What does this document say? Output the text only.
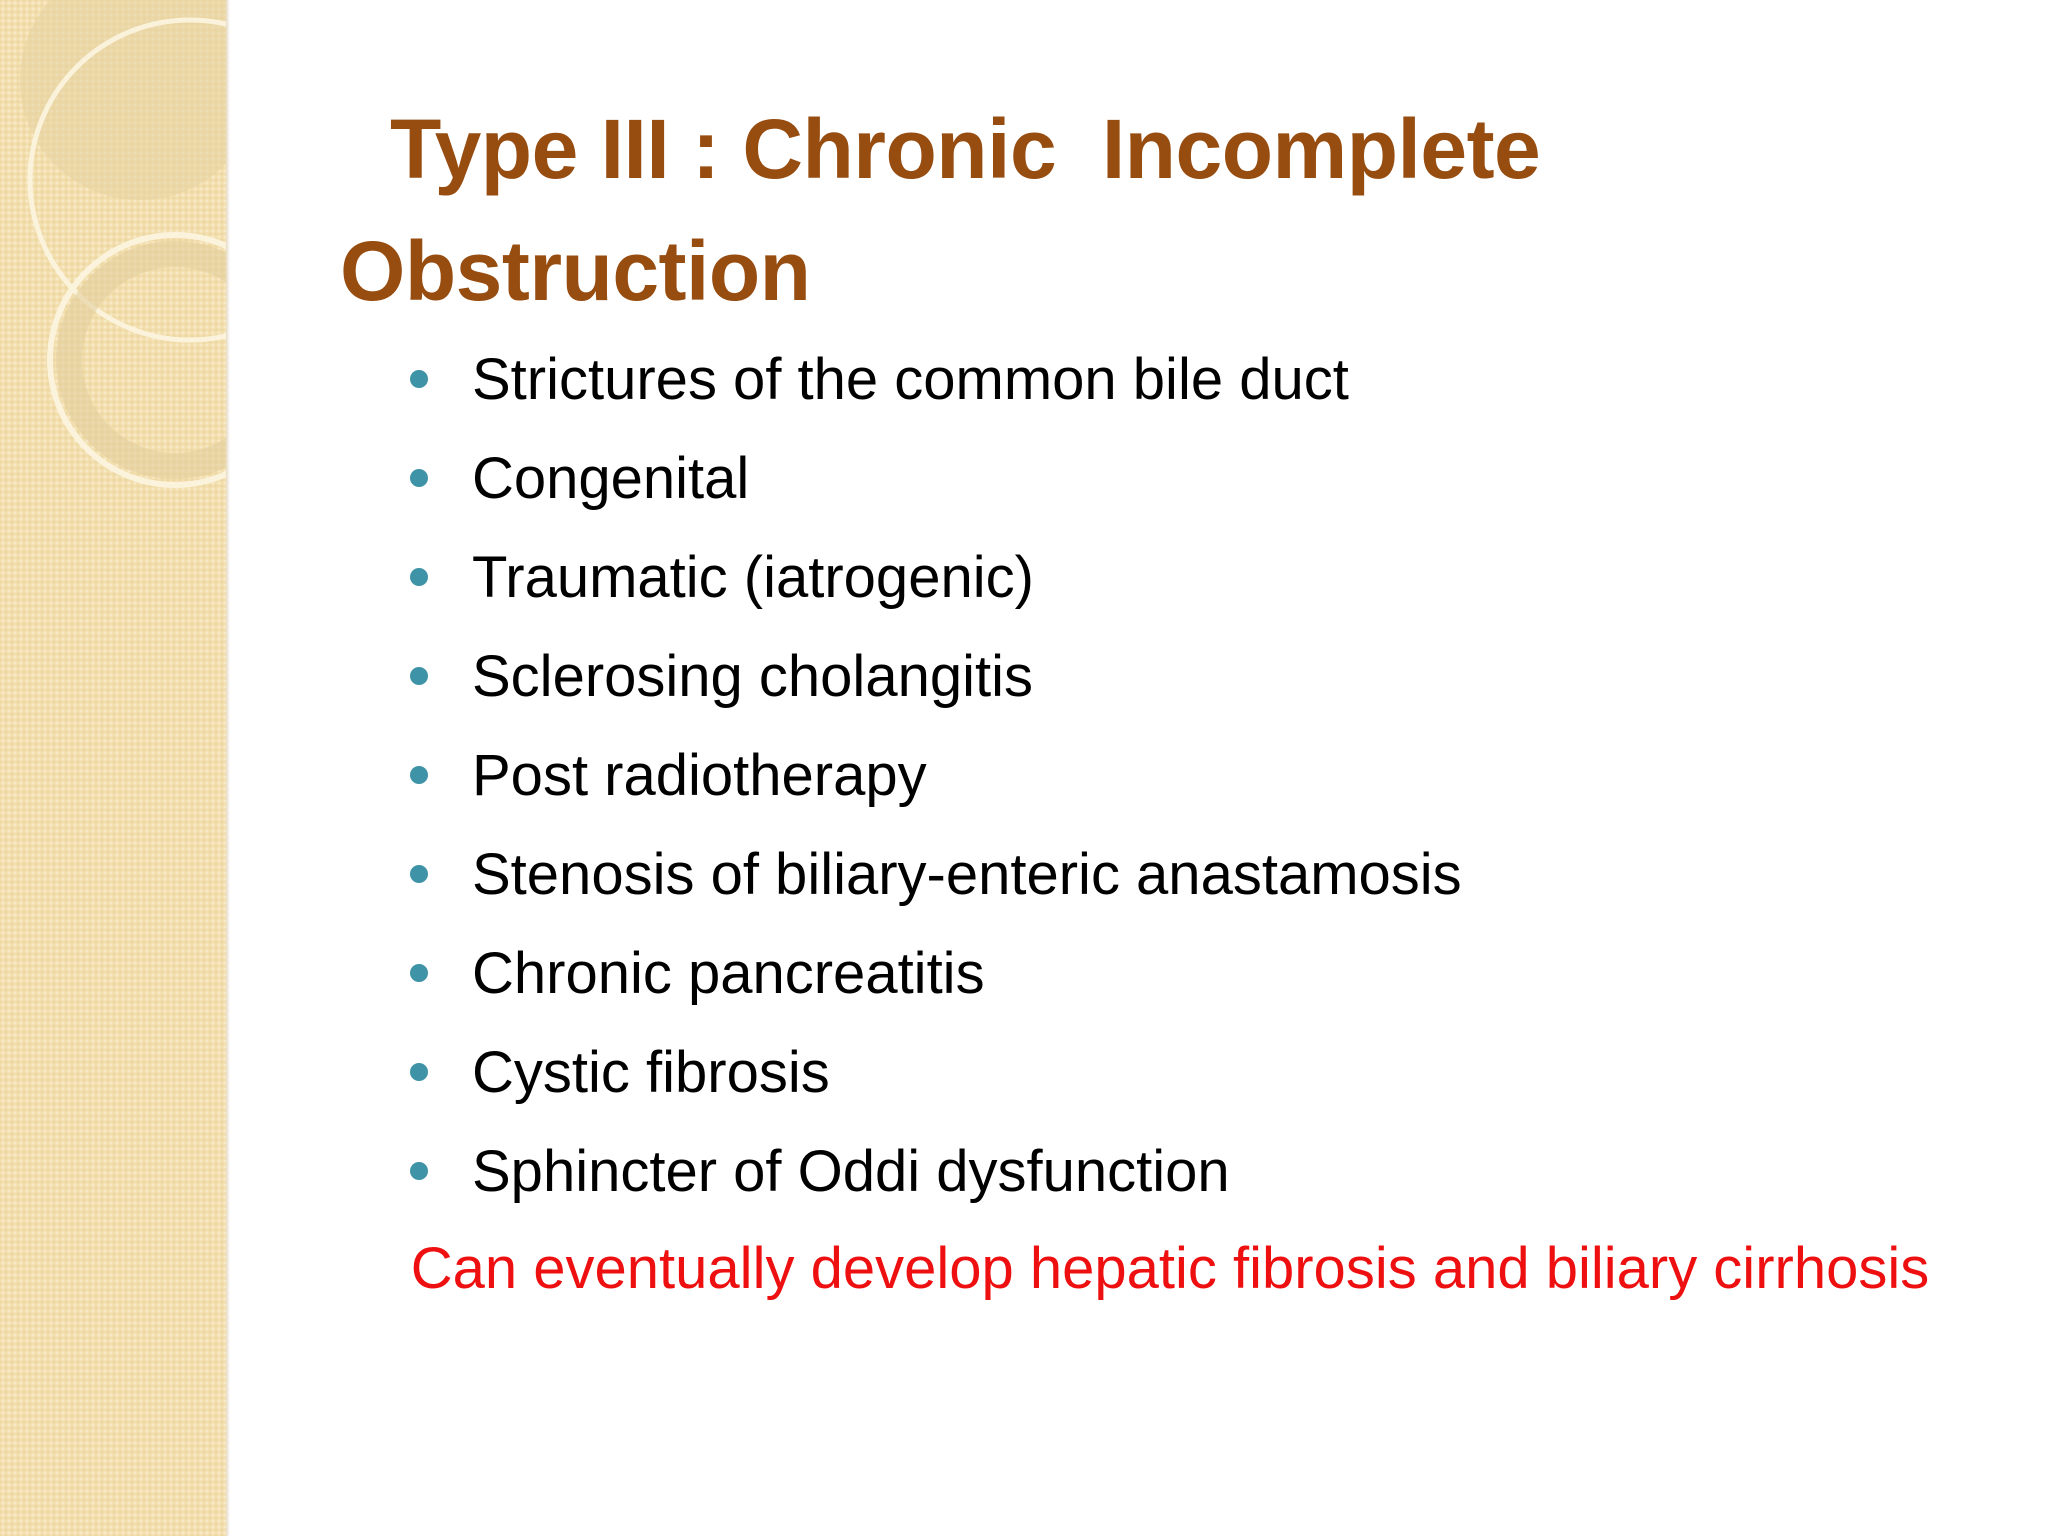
Type III : Chronic  Incomplete
Obstruction
Strictures of the common bile duct
Congenital
Traumatic (iatrogenic)
Sclerosing cholangitis
Post radiotherapy
Stenosis of biliary-enteric anastamosis
Chronic pancreatitis
Cystic fibrosis
Sphincter of Oddi dysfunction

Can eventually develop hepatic fibrosis and biliary cirrhosis
